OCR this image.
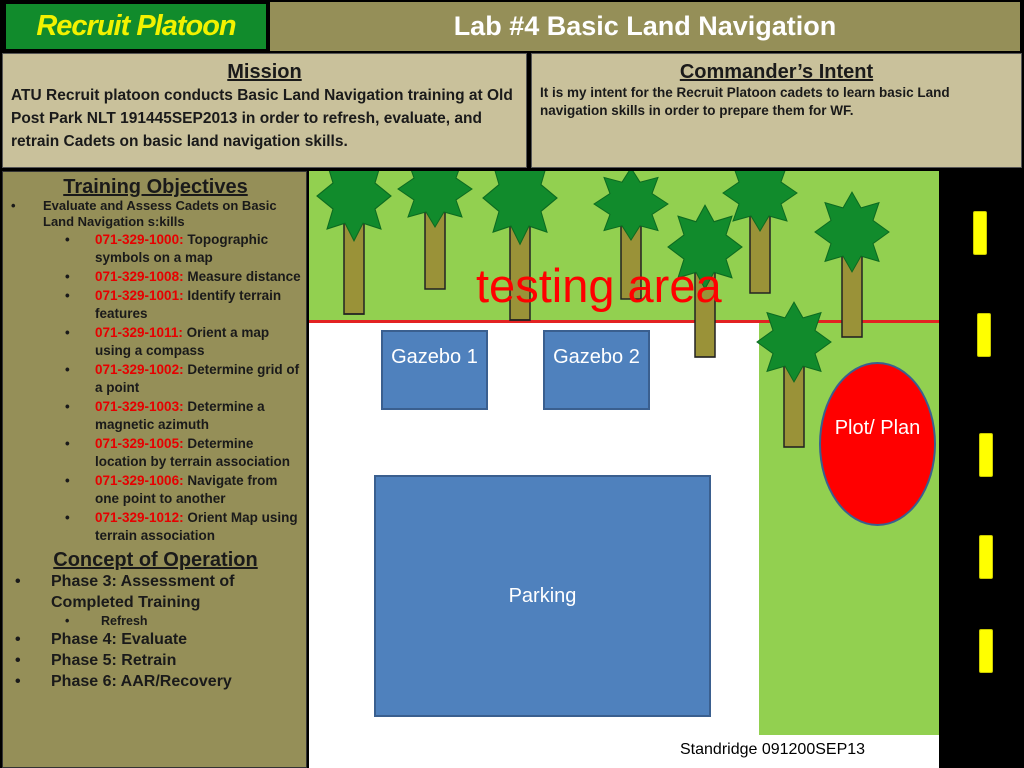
Recruit Platoon	Lab #4 Basic Land Navigation
Mission
ATU Recruit platoon conducts Basic Land Navigation training at Old Post Park NLT 191445SEP2013 in order to refresh, evaluate, and retrain Cadets on basic land navigation skills.
Commander’s Intent
It is my intent for the Recruit Platoon cadets to learn basic Land navigation skills in order to prepare them for WF.
Training Objectives
• Evaluate and Assess Cadets on Basic Land Navigation s:kills
• 071-329-1000: Topographic symbols on a map
• 071-329-1008: Measure distance
• 071-329-1001: Identify terrain features
• 071-329-1011: Orient a map using a compass
• 071-329-1002: Determine grid of a point
• 071-329-1003: Determine a magnetic azimuth
• 071-329-1005: Determine location by terrain association
• 071-329-1006: Navigate from one point to another
• 071-329-1012: Orient Map using terrain association
Concept of Operation
• Phase 3: Assessment of Completed Training
• Refresh
• Phase 4: Evaluate
• Phase 5: Retrain
• Phase 6: AAR/Recovery
testing area
Gazebo 1	Gazebo 2
Parking
Plot/ Plan
Standridge 091200SEP13
